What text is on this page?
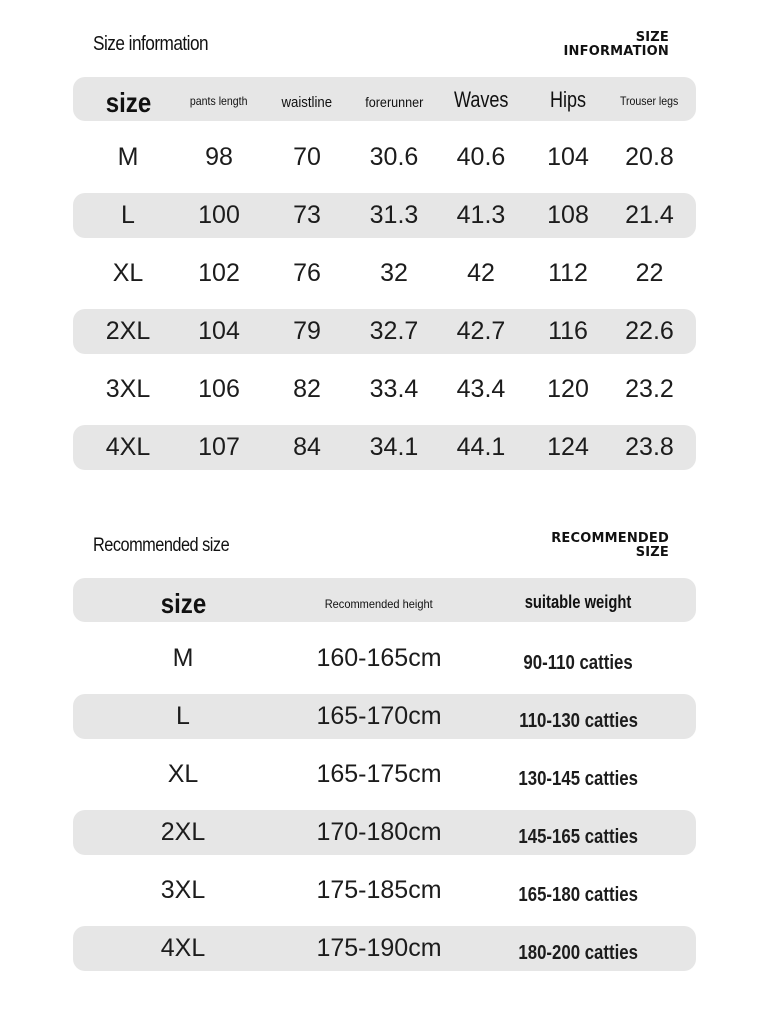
Size information	SIZE
INFORMATION
size	pants length	waistline	forerunner	Waves	Hips	Trouser legs
M	98	70	30.6	40.6	104	20.8
L	100	73	31.3	41.3	108	21.4
XL	102	76	32	42	112	22
2XL	104	79	32.7	42.7	116	22.6
3XL	106	82	33.4	43.4	120	23.2
4XL	107	84	34.1	44.1	124	23.8
Recommended size	RECOMMENDED
SIZE
size	Recommended height	suitable weight
M	160-165cm	90-110 catties
L	165-170cm	110-130 catties
XL	165-175cm	130-145 catties
2XL	170-180cm	145-165 catties
3XL	175-185cm	165-180 catties
4XL	175-190cm	180-200 catties
